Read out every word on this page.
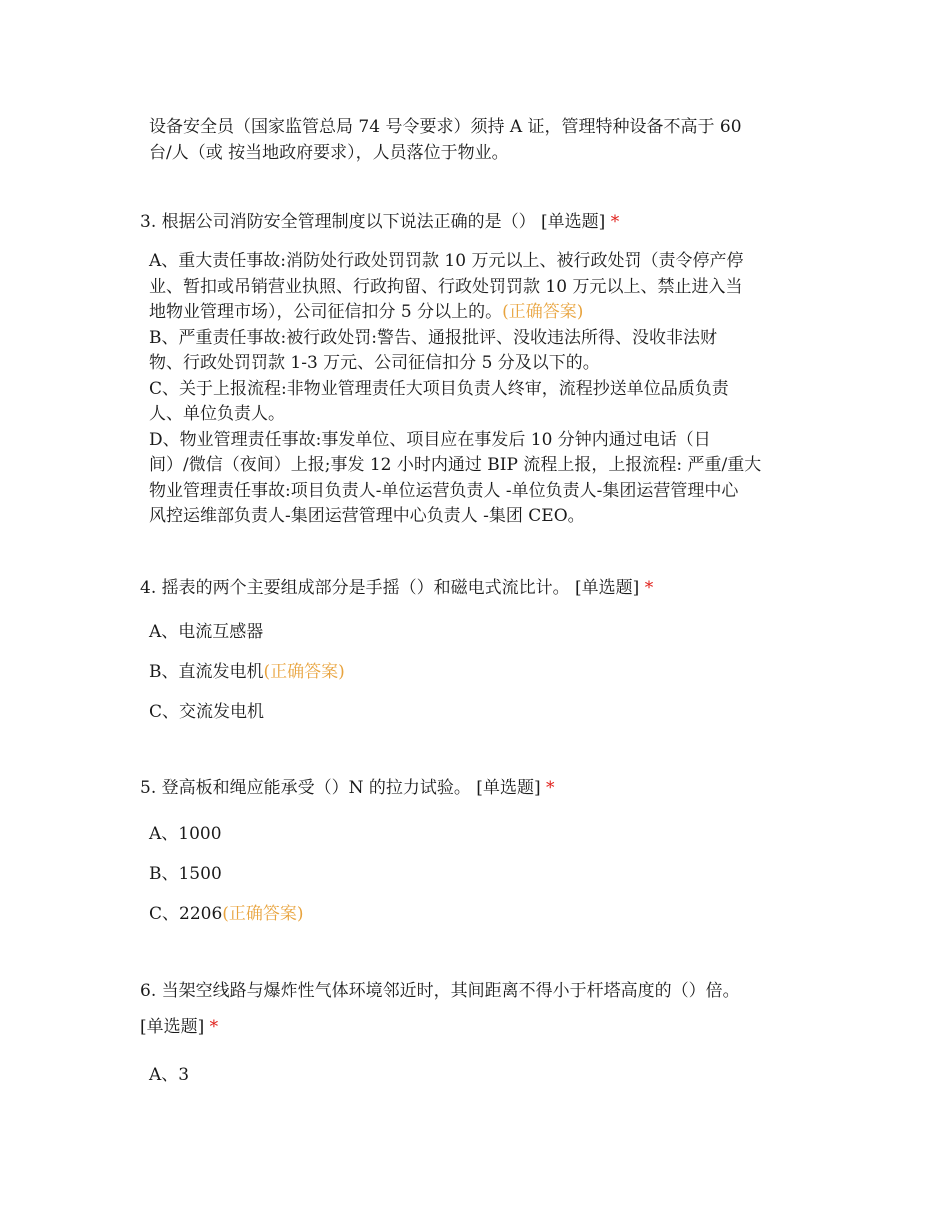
设备安全员（国家监管总局 74 号令要求）须持 A 证，管理特种设备不高于 60
台/人（或 按当地政府要求），人员落位于物业。
3. 根据公司消防安全管理制度以下说法正确的是（） [单选题] *
A、重大责任事故:消防处行政处罚罚款 10 万元以上、被行政处罚（责令停产停
业、暂扣或吊销营业执照、行政拘留、行政处罚罚款 10 万元以上、禁止进入当
地物业管理市场），公司征信扣分 5 分以上的。(正确答案)
B、严重责任事故:被行政处罚:警告、通报批评、没收违法所得、没收非法财
物、行政处罚罚款 1-3 万元、公司征信扣分 5 分及以下的。
C、关于上报流程:非物业管理责任大项目负责人终审，流程抄送单位品质负责
人、单位负责人。
D、物业管理责任事故:事发单位、项目应在事发后 10 分钟内通过电话（日
间）/微信（夜间）上报;事发 12 小时内通过 BIP 流程上报，上报流程: 严重/重大
物业管理责任事故:项目负责人-单位运营负责人 -单位负责人-集团运营管理中心
风控运维部负责人-集团运营管理中心负责人 -集团 CEO。
4. 摇表的两个主要组成部分是手摇（）和磁电式流比计。 [单选题] *
A、电流互感器
B、直流发电机(正确答案)
C、交流发电机
5. 登高板和绳应能承受（）N 的拉力试验。 [单选题] *
A、1000
B、1500
C、2206(正确答案)
6. 当架空线路与爆炸性气体环境邻近时，其间距离不得小于杆塔高度的（）倍。
[单选题] *
A、3
